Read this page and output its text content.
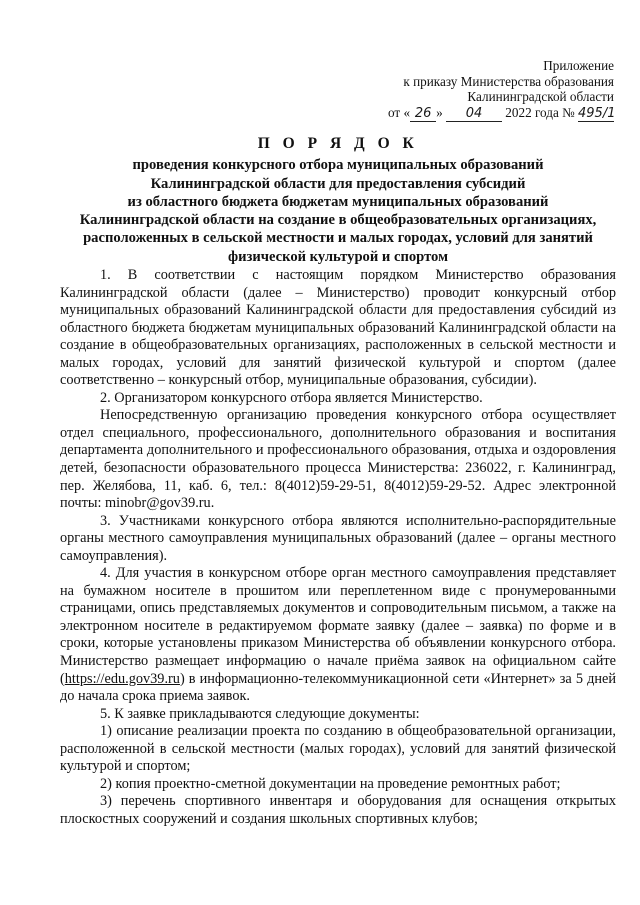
Приложение
к приказу Министерства образования
Калининградской области
от « 26 » 04 2022 года № 495/1
П О Р Я Д О К
проведения конкурсного отбора муниципальных образований
Калининградской области для предоставления субсидий
из областного бюджета бюджетам муниципальных образований
Калининградской области на создание в общеобразовательных организациях,
расположенных в сельской местности и малых городах, условий для занятий
физической культурой и спортом

1. В соответствии с настоящим порядком Министерство образования Калининградской области (далее – Министерство) проводит конкурсный отбор муниципальных образований Калининградской области для предоставления субсидий из областного бюджета бюджетам муниципальных образований Калининградской области на создание в общеобразовательных организациях, расположенных в сельской местности и малых городах, условий для занятий физической культурой и спортом (далее соответственно – конкурсный отбор, муниципальные образования, субсидии).

2. Организатором конкурсного отбора является Министерство.

Непосредственную организацию проведения конкурсного отбора осуществляет отдел специального, профессионального, дополнительного образования и воспитания департамента дополнительного и профессионального образования, отдыха и оздоровления детей, безопасности образовательного процесса Министерства: 236022, г. Калининград, пер. Желябова, 11, каб. 6, тел.: 8(4012)59-29-51, 8(4012)59-29-52. Адрес электронной почты: minobr@gov39.ru.

3. Участниками конкурсного отбора являются исполнительно-распорядительные органы местного самоуправления муниципальных образований (далее – органы местного самоуправления).

4. Для участия в конкурсном отборе орган местного самоуправления представляет на бумажном носителе в прошитом или переплетенном виде с пронумерованными страницами, опись представляемых документов и сопроводительным письмом, а также на электронном носителе в редактируемом формате заявку (далее – заявка) по форме и в сроки, которые установлены приказом Министерства об объявлении конкурсного отбора. Министерство размещает информацию о начале приёма заявок на официальном сайте (https://edu.gov39.ru) в информационно-телекоммуникационной сети «Интернет» за 5 дней до начала срока приема заявок.

5. К заявке прикладываются следующие документы:

1) описание реализации проекта по созданию в общеобразовательной организации, расположенной в сельской местности (малых городах), условий для занятий физической культурой и спортом;

2) копия проектно-сметной документации на проведение ремонтных работ;

3) перечень спортивного инвентаря и оборудования для оснащения открытых плоскостных сооружений и создания школьных спортивных клубов;
